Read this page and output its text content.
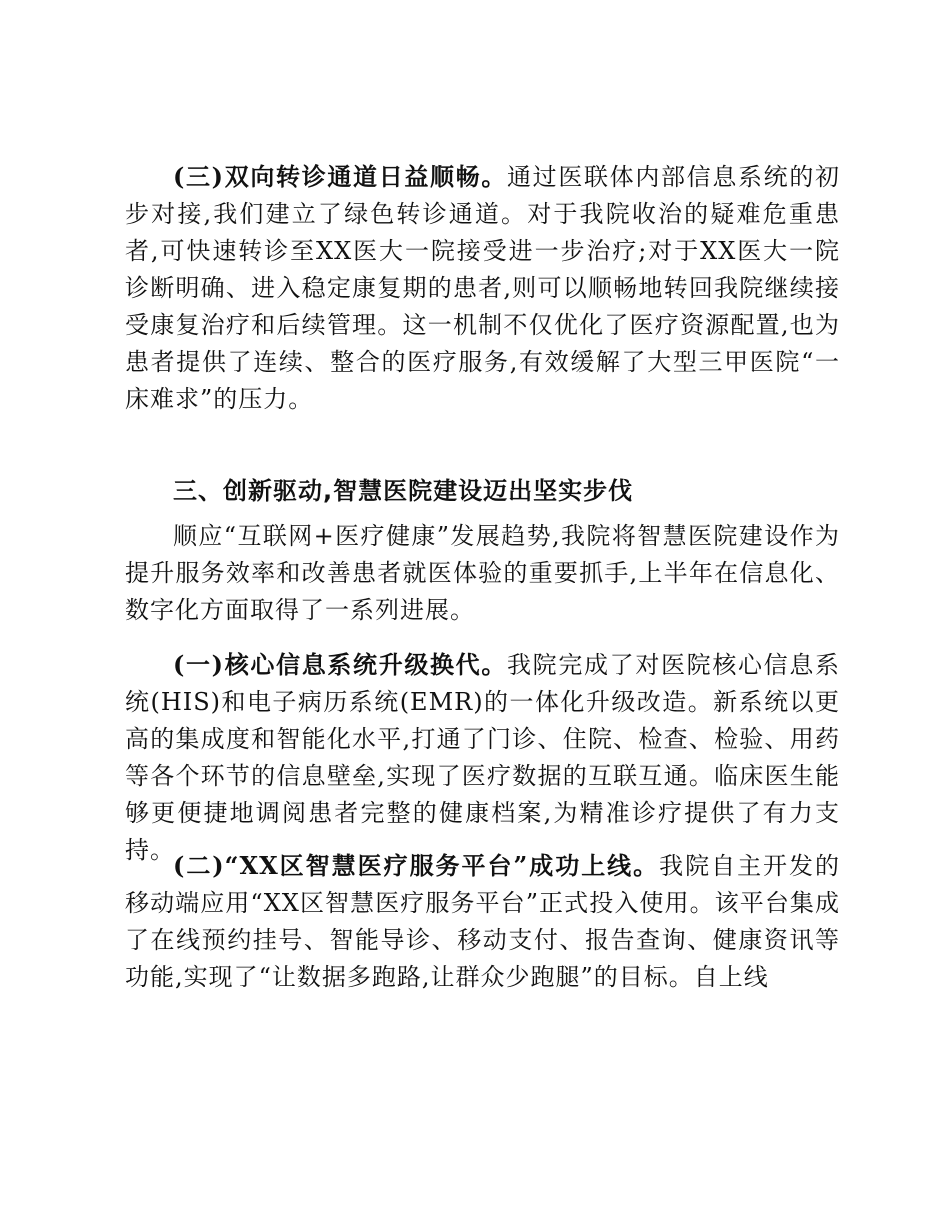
(三)双向转诊通道日益顺畅。通过医联体内部信息系统的初步对接,我们建立了绿色转诊通道。对于我院收治的疑难危重患者,可快速转诊至XX医大一院接受进一步治疗;对于XX医大一院诊断明确、进入稳定康复期的患者,则可以顺畅地转回我院继续接受康复治疗和后续管理。这一机制不仅优化了医疗资源配置,也为患者提供了连续、整合的医疗服务,有效缓解了大型三甲医院“一床难求”的压力。

三、创新驱动,智慧医院建设迈出坚实步伐

顺应“互联网+医疗健康”发展趋势,我院将智慧医院建设作为提升服务效率和改善患者就医体验的重要抓手,上半年在信息化、数字化方面取得了一系列进展。

(一)核心信息系统升级换代。我院完成了对医院核心信息系统(HIS)和电子病历系统(EMR)的一体化升级改造。新系统以更高的集成度和智能化水平,打通了门诊、住院、检查、检验、用药等各个环节的信息壁垒,实现了医疗数据的互联互通。临床医生能够更便捷地调阅患者完整的健康档案,为精准诊疗提供了有力支持。

(二)“XX区智慧医疗服务平台”成功上线。我院自主开发的移动端应用“XX区智慧医疗服务平台”正式投入使用。该平台集成了在线预约挂号、智能导诊、移动支付、报告查询、健康资讯等功能,实现了“让数据多跑路,让群众少跑腿”的目标。自上线
